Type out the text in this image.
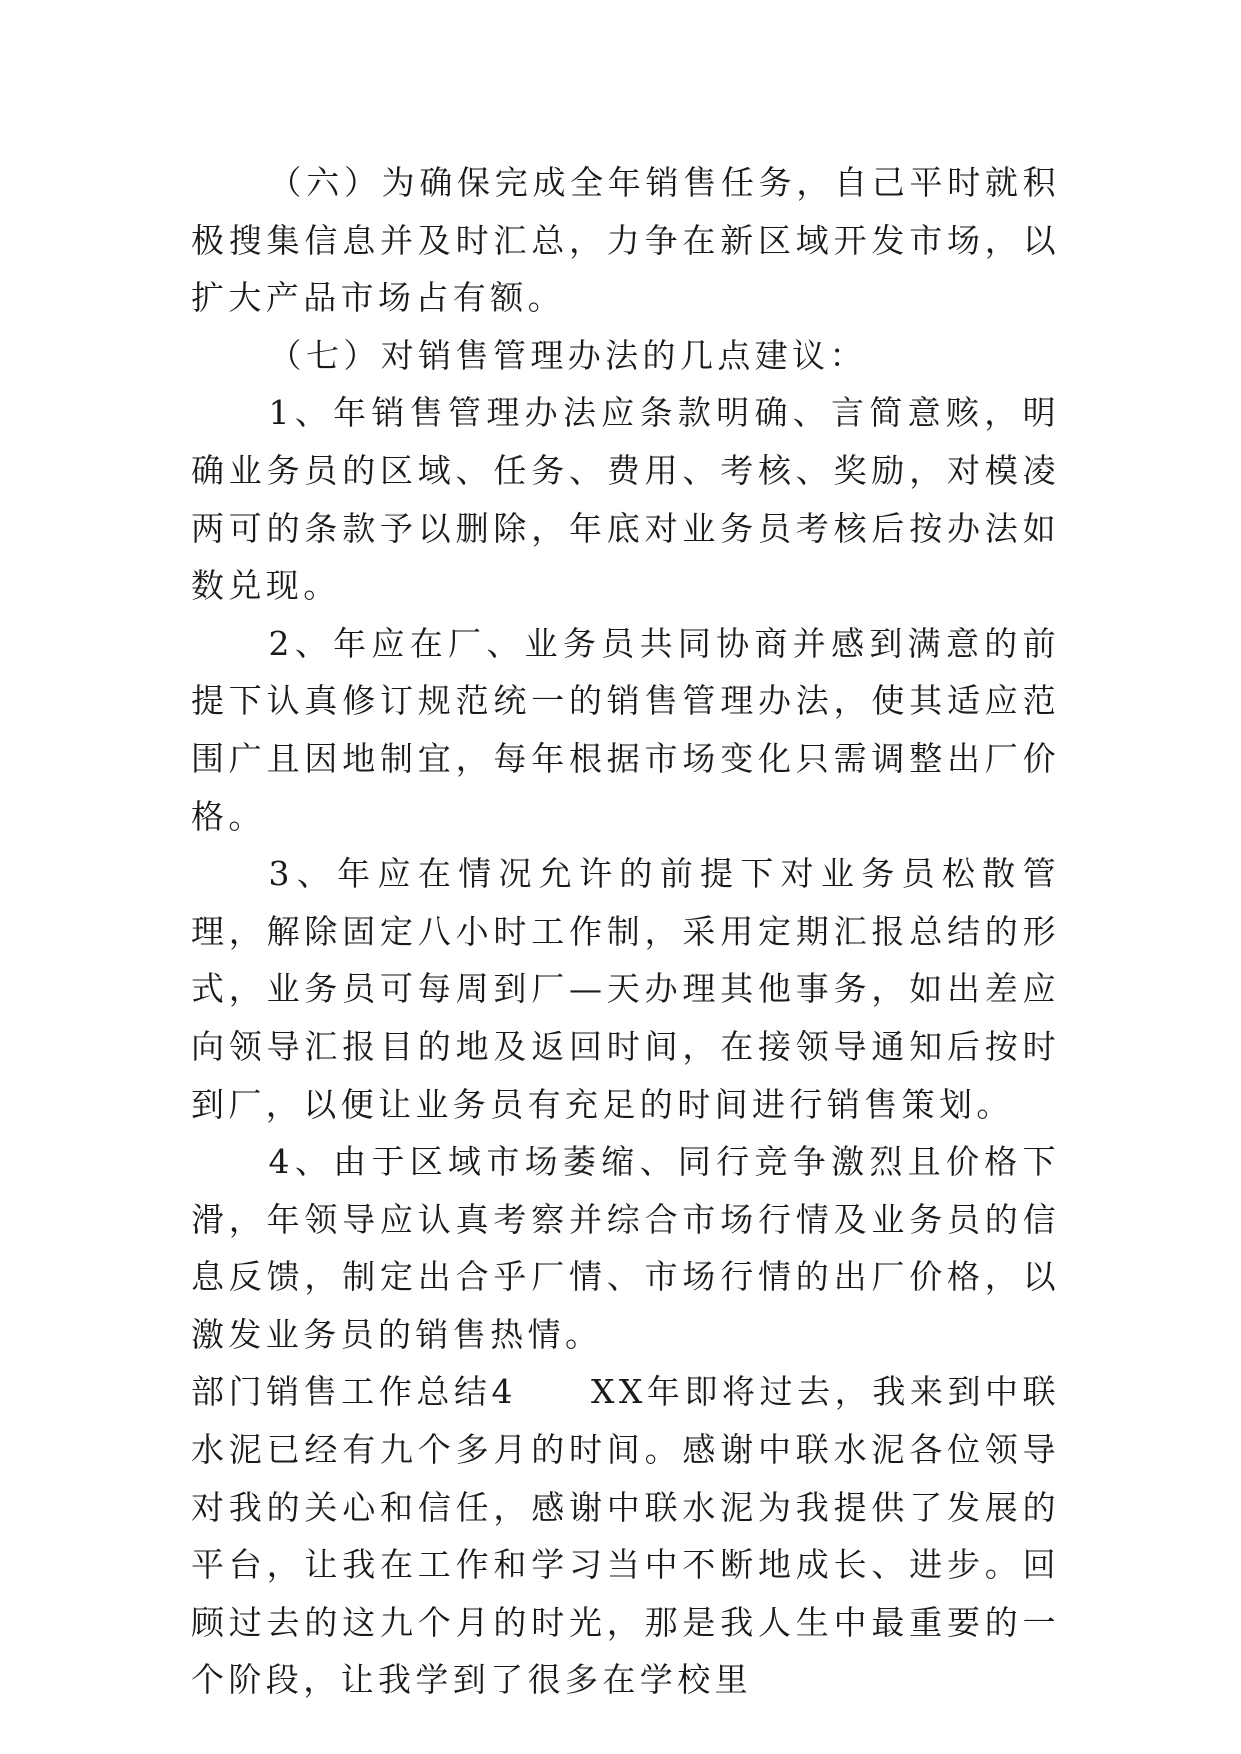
（六）为确保完成全年销售任务，自己平时就积极搜集信息并及时汇总，力争在新区域开发市场，以扩大产品市场占有额。

（七）对销售管理办法的几点建议：

1、年销售管理办法应条款明确、言简意赅，明确业务员的区域、任务、费用、考核、奖励，对模凌两可的条款予以删除，年底对业务员考核后按办法如数兑现。

2、年应在厂、业务员共同协商并感到满意的前提下认真修订规范统一的销售管理办法，使其适应范围广且因地制宜，每年根据市场变化只需调整出厂价格。

3、年应在情况允许的前提下对业务员松散管理，解除固定八小时工作制，采用定期汇报总结的形式，业务员可每周到厂—天办理其他事务，如出差应向领导汇报目的地及返回时间，在接领导通知后按时到厂，以便让业务员有充足的时间进行销售策划。

4、由于区域市场萎缩、同行竞争激烈且价格下滑，年领导应认真考察并综合市场行情及业务员的信息反馈，制定出合乎厂情、市场行情的出厂价格，以激发业务员的销售热情。

部门销售工作总结4 XX年即将过去，我来到中联水泥已经有九个多月的时间。感谢中联水泥各位领导对我的关心和信任，感谢中联水泥为我提供了发展的平台，让我在工作和学习当中不断地成长、进步。回顾过去的这九个月的时光，那是我人生中最重要的一个阶段，让我学到了很多在学校里
